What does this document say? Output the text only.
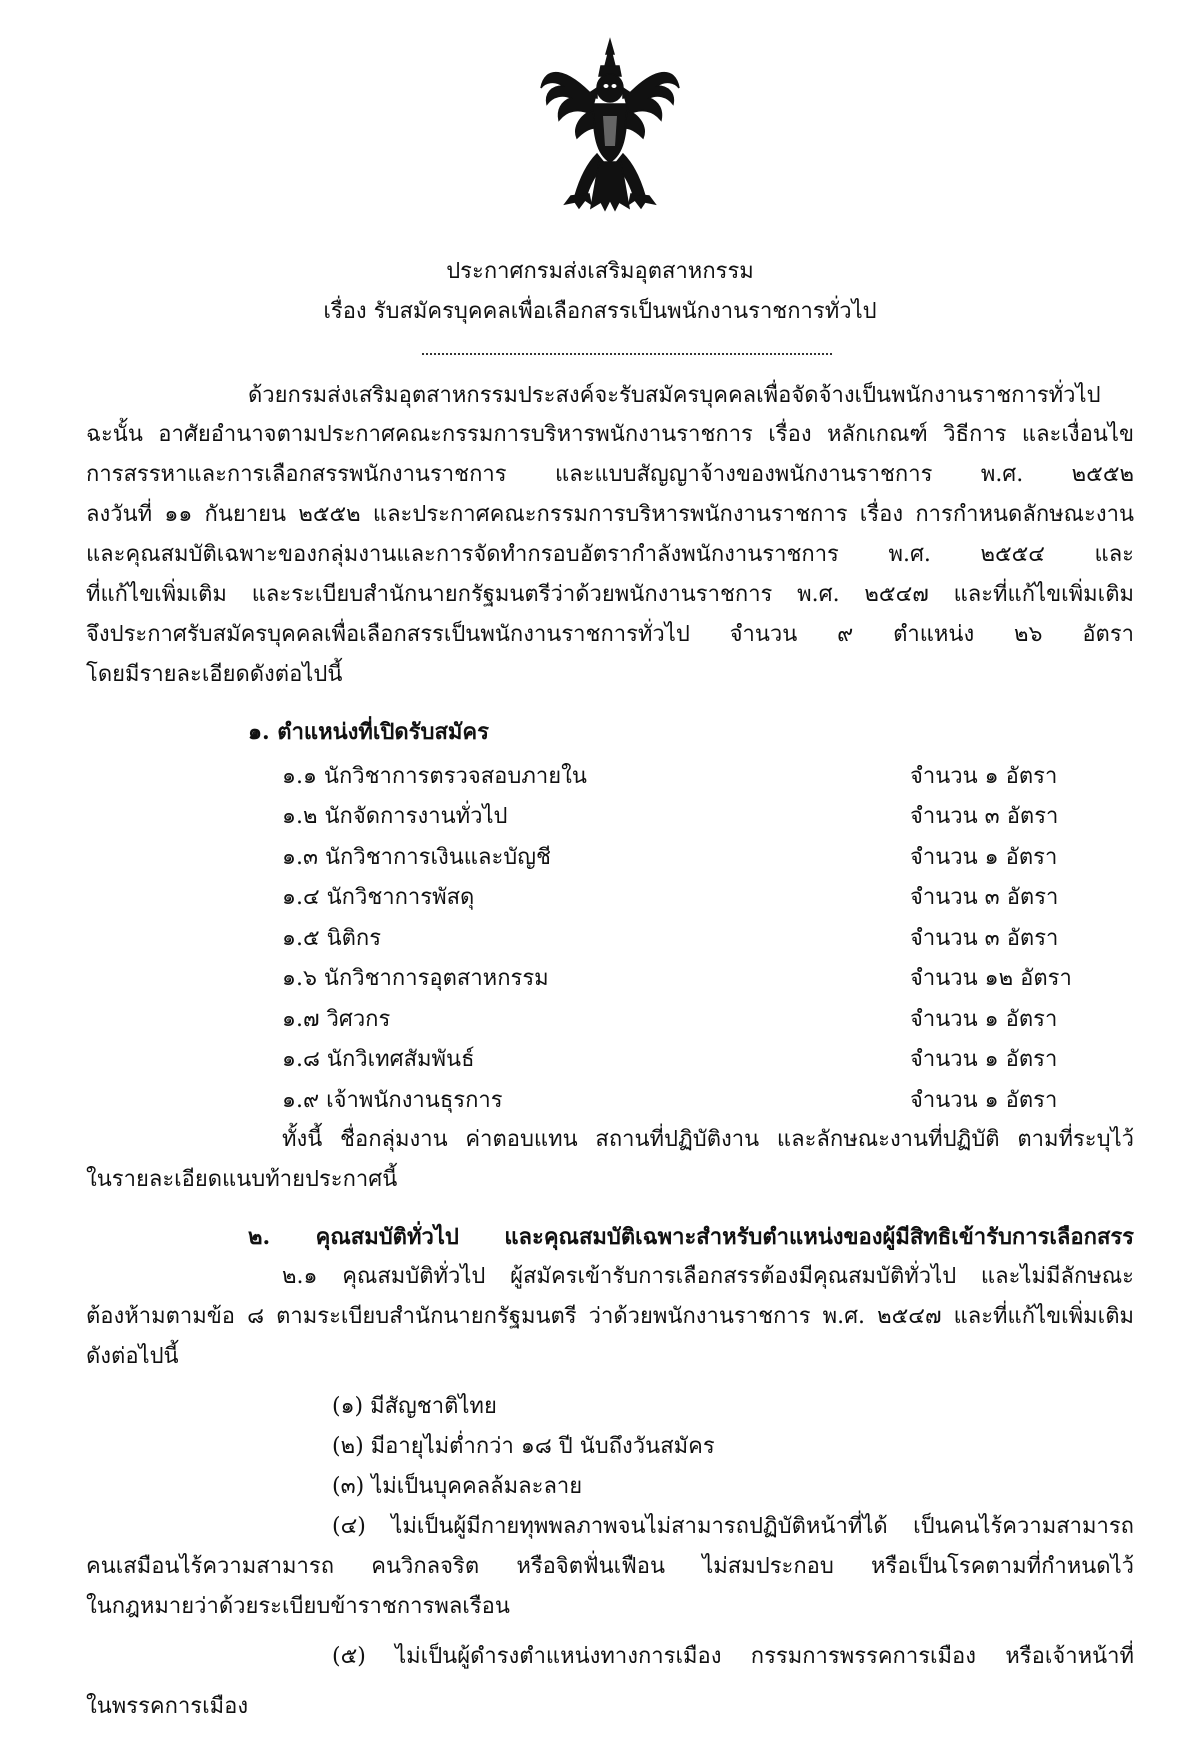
ประกาศกรมส่งเสริมอุตสาหกรรม
เรื่อง รับสมัครบุคคลเพื่อเลือกสรรเป็นพนักงานราชการทั่วไป
ด้วยกรมส่งเสริมอุตสาหกรรมประสงค์จะรับสมัครบุคคลเพื่อจัดจ้างเป็นพนักงานราชการทั่วไป
ฉะนั้น อาศัยอำนาจตามประกาศคณะกรรมการบริหารพนักงานราชการ เรื่อง หลักเกณฑ์ วิธีการ และเงื่อนไข
การสรรหาและการเลือกสรรพนักงานราชการ และแบบสัญญาจ้างของพนักงานราชการ พ.ศ. ๒๕๕๒
ลงวันที่ ๑๑ กันยายน ๒๕๕๒ และประกาศคณะกรรมการบริหารพนักงานราชการ เรื่อง การกำหนดลักษณะงาน
และคุณสมบัติเฉพาะของกลุ่มงานและการจัดทำกรอบอัตรากำลังพนักงานราชการ พ.ศ. ๒๕๕๔ และ
ที่แก้ไขเพิ่มเติม และระเบียบสำนักนายกรัฐมนตรีว่าด้วยพนักงานราชการ พ.ศ. ๒๕๔๗ และที่แก้ไขเพิ่มเติม
จึงประกาศรับสมัครบุคคลเพื่อเลือกสรรเป็นพนักงานราชการทั่วไป จำนวน ๙ ตำแหน่ง ๒๖ อัตรา
โดยมีรายละเอียดดังต่อไปนี้
๑. ตำแหน่งที่เปิดรับสมัคร
๑.๑ นักวิชาการตรวจสอบภายใน	จำนวน ๑ อัตรา
๑.๒ นักจัดการงานทั่วไป	จำนวน ๓ อัตรา
๑.๓ นักวิชาการเงินและบัญชี	จำนวน ๑ อัตรา
๑.๔ นักวิชาการพัสดุ	จำนวน ๓ อัตรา
๑.๕ นิติกร	จำนวน ๓ อัตรา
๑.๖ นักวิชาการอุตสาหกรรม	จำนวน ๑๒ อัตรา
๑.๗ วิศวกร	จำนวน ๑ อัตรา
๑.๘ นักวิเทศสัมพันธ์	จำนวน ๑ อัตรา
๑.๙ เจ้าพนักงานธุรการ	จำนวน ๑ อัตรา
ทั้งนี้ ชื่อกลุ่มงาน ค่าตอบแทน สถานที่ปฏิบัติงาน และลักษณะงานที่ปฏิบัติ ตามที่ระบุไว้
ในรายละเอียดแนบท้ายประกาศนี้
๒. คุณสมบัติทั่วไป และคุณสมบัติเฉพาะสำหรับตำแหน่งของผู้มีสิทธิเข้ารับการเลือกสรร
๒.๑ คุณสมบัติทั่วไป ผู้สมัครเข้ารับการเลือกสรรต้องมีคุณสมบัติทั่วไป และไม่มีลักษณะ
ต้องห้ามตามข้อ ๘ ตามระเบียบสำนักนายกรัฐมนตรี ว่าด้วยพนักงานราชการ พ.ศ. ๒๕๔๗ และที่แก้ไขเพิ่มเติม
ดังต่อไปนี้
(๑) มีสัญชาติไทย
(๒) มีอายุไม่ต่ำกว่า ๑๘ ปี นับถึงวันสมัคร
(๓) ไม่เป็นบุคคลล้มละลาย
(๔) ไม่เป็นผู้มีกายทุพพลภาพจนไม่สามารถปฏิบัติหน้าที่ได้ เป็นคนไร้ความสามารถ
คนเสมือนไร้ความสามารถ คนวิกลจริต หรือจิตฟั่นเฟือน ไม่สมประกอบ หรือเป็นโรคตามที่กำหนดไว้
ในกฎหมายว่าด้วยระเบียบข้าราชการพลเรือน
(๕) ไม่เป็นผู้ดำรงตำแหน่งทางการเมือง กรรมการพรรคการเมือง หรือเจ้าหน้าที่
ในพรรคการเมือง
